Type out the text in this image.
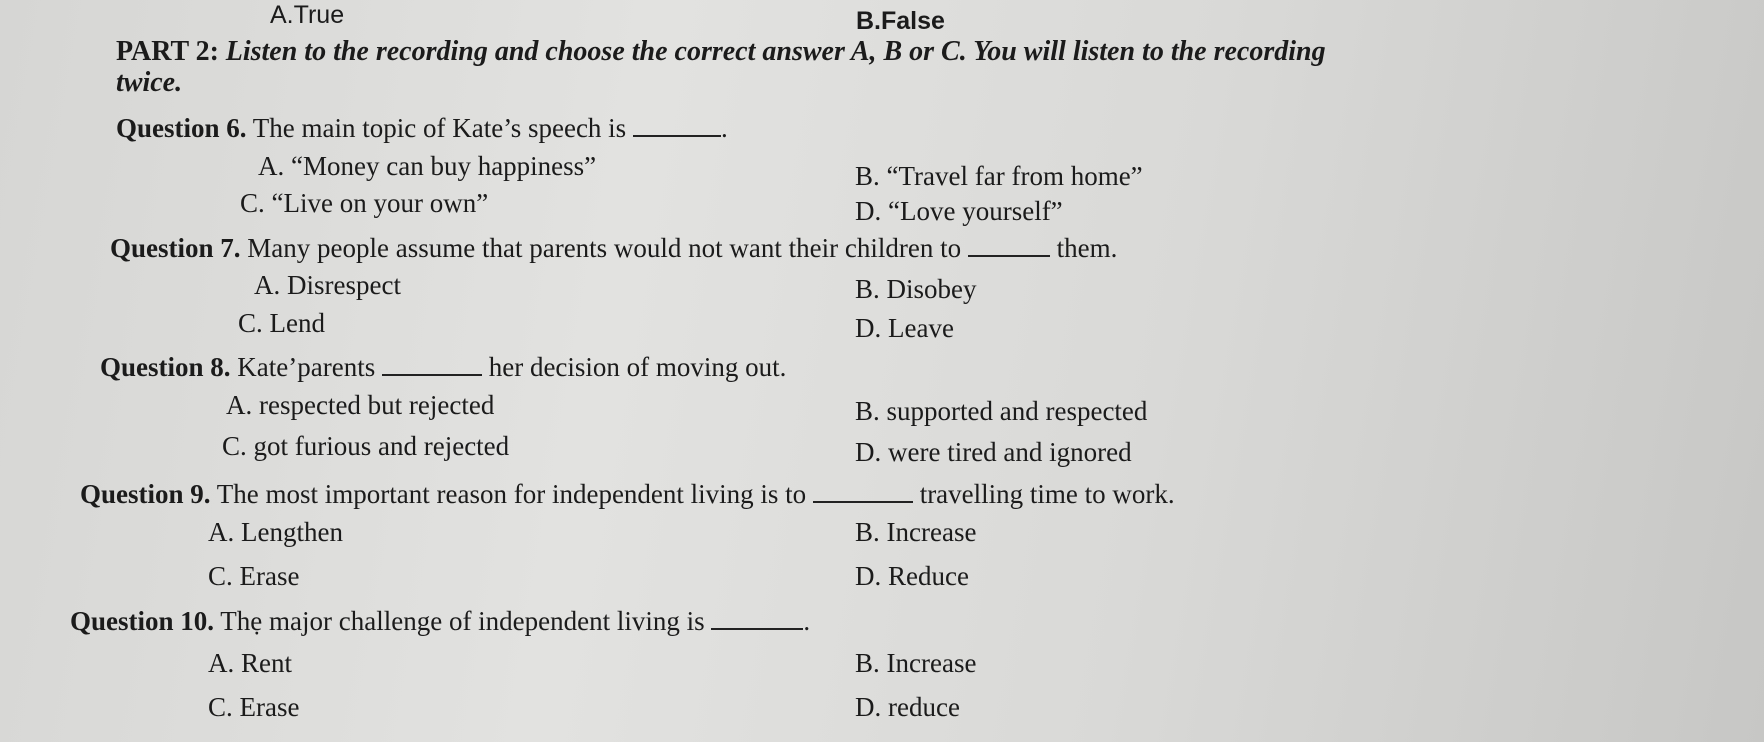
A.True	B.False
PART 2: Listen to the recording and choose the correct answer A, B or C. You will listen to the recording
twice.
Question 6. The main topic of Kate’s speech is	.
A. “Money can buy happiness”	B. “Travel far from home”
C. “Live on your own”	D. “Love yourself”
Question 7. Many people assume that parents would not want their children to	them.
A. Disrespect	B. Disobey
C. Lend	D. Leave
Question 8. Kate’parents	her decision of moving out.
A. respected but rejected	B. supported and respected
C. got furious and rejected	D. were tired and ignored
Question 9. The most important reason for independent living is to	travelling time to work.
A. Lengthen	B. Increase
C. Erase	D. Reduce
Question 10. Thẹ major challenge of independent living is	.
A. Rent	B. Increase
C. Erase	D. reduce
